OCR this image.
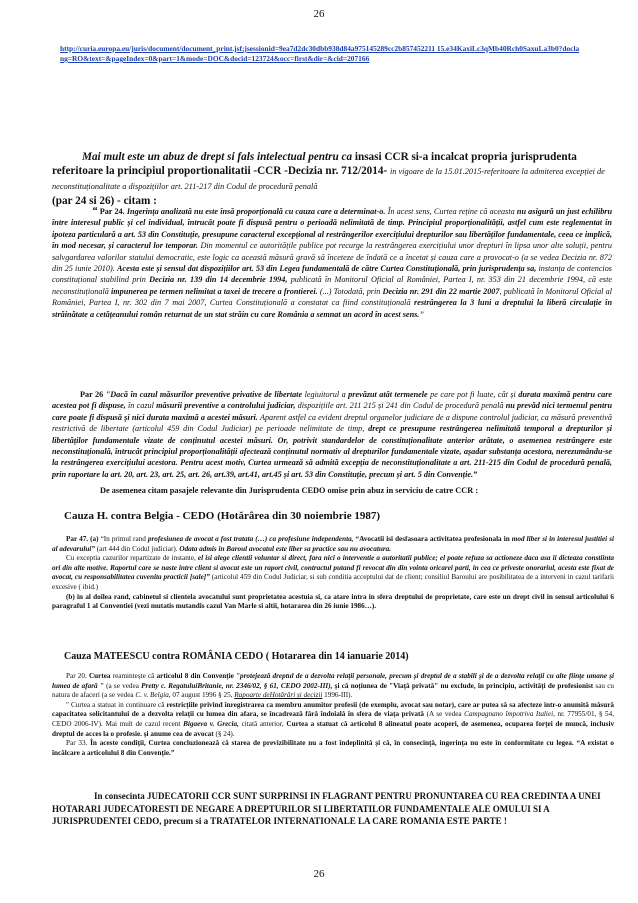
26
http://curia.europa.eu/juris/document/document_print.jsf;jsessionid=9ea7d2dc30dbb938d84a975145289cc2b857452211 15.e34KaxiLc3qMb40Rch0SaxuLa3b0?doclang=RO&text=&pageIndex=0&part=1&mode=DOC&docid=123724&occ=first&dir=&cid=207166

Mai mult este un abuz de drept si fals intelectual pentru ca insasi CCR si-a incalcat propria jurisprudenta referitoare la principiul proportionalitatii -CCR -Decizia nr. 712/2014- in vigoare de la 15.01.2015-referitoare la admiterea excepției de neconstituționalitate a dispozițiilor art. 211-217 din Codul de procedură penală
(par 24 si 26) - citam :

“ Par 24. Ingerința analizată nu este însă proporțională cu cauza care a determinat-o. În acest sens, Curtea reține că aceasta nu asigură un just echilibru între interesul public și cel individual, întrucât poate fi dispusă pentru o perioadă nelimitată de timp. Principiul proporționalității, astfel cum este reglementat în ipoteza particulară a art. 53 din Constituție, presupune caracterul excepțional al restrângerilor exercițiului drepturilor sau libertăților fundamentale, ceea ce implică, în mod necesar, și caracterul lor temporar. Din momentul ce autoritățile publice pot recurge la restrângerea exercițiului unor drepturi în lipsa unor alte soluții, pentru salvgardarea valorilor statului democratic, este logic ca această măsură gravă să înceteze de îndată ce a încetat și cauza care a provocat-o (a se vedea Decizia nr. 872 din 25 iunie 2010). Acesta este și sensul dat dispozițiilor art. 53 din Legea fundamentală de către Curtea Constituțională, prin jurisprudența sa, instanța de contencios constituțional stabilind prin Decizia nr. 139 din 14 decembrie 1994, publicată în Monitorul Oficial al României, Partea I, nr. 353 din 21 decembrie 1994, că este neconstituțională impunerea pe termen nelimitat a taxei de trecere a frontierei. (...) Totodată, prin Decizia nr. 291 din 22 martie 2007, publicată în Monitorul Oficial al României, Partea I, nr. 302 din 7 mai 2007, Curtea Constituțională a constatat ca fiind constituțională restrângerea la 3 luni a dreptului la liberă circulație în străinătate a cetățeanului român returnat de un stat străin cu care România a semnat un acord în acest sens.”

Par 26 "Dacă în cazul măsurilor preventive privative de libertate legiuitorul a prevăzut atât termenele pe care pot fi luate, cât și durata maximă pentru care acestea pot fi dispuse, în cazul măsurii preventive a controlului judiciar, dispozițiile art. 211 215 și 241 din Codul de procedură penală nu prevăd nici termenul pentru care poate fi dispusă și nici durata maximă a acestei măsuri. Aparent astfel ca evident dreptul organelor judiciare de a dispune controlul judiciar, ca măsură preventivă restrictivă de libertate (articolul 459 din Codul Judiciar) pe perioade nelimitate de timp, drept ce presupune restrângerea nelimitată temporal a drepturilor și libertăților fundamentale vizate de conținutul acestei măsuri. Or, potrivit standardelor de constituționalitate anterior arătate, o asemenea restrângere este neconstituțională, întrucât principiul proporționalității afectează conținutul normativ al drepturilor fundamentale vizate, așadar substanța acestora, nerezumându-se la restrângerea exercițiului acestora. Pentru acest motiv, Curtea urmează să admită excepția de neconstituționalitate a art. 211-215 din Codul de procedură penală, prin raportare la art. 20, art. 23, art. 25, art. 26, art.39, art.41, art.45 și art. 53 din Constituție, precum și art. 5 din Convenție.”

De asemenea citam pasajele relevante din Jurisprudenta CEDO omise prin abuz in serviciu de catre CCR :

Cauza H. contra Belgia - CEDO (Hotărârea din 30 noiembrie 1987)

Par 47. (a) “In primul rand profesiunea de avocat a fost tratata (…) ca profesiune independenta, “Avocatii isi desfasoara activitatea profesionala in mod liber si in interesul justitiei si al adevarului” (art 444 din Codul judiciar). Odata admis in Baroul avocatul este liber sa practice sau nu avocatura.

Cu exceptia cazurilor repartizate de instante, el isi alege clientii voluntar si direct, fara nici o interventie a autoritatii publice; el poate refuza sa actioneze daca asa ii dicteaza constiinta ori din alte motive. Raportul care se naste intre client si avocat este un raport civil, contractul putand fi revocat din din vointa oricarei parti, in cea ce priveste onorariul, acesta este fixat de avocat, cu responsabilitatea cuvenita practicii [sale]” (articolul 459 din Codul Judiciar, si sub conditia acceptului dat de client; consiliul Baroului are posibilitatea de a interveni in cazul tarifarii excesive ( ibid.)

(b) in al doilea rand, cabinetul si clientela avocatului sunt proprietatea acestuia si, ca atare intra in sfera dreptului de proprietate, care este un drept civil in sensul articolului 6 paragraful 1 al Conventiei (vezi mutatis mutandis cazul Van Marle si altii, hotararea din 26 iunie 1986…).

Cauza MATEESCU contra ROMÂNIA CEDO ( Hotararea din 14 ianuarie 2014)

Par 20. Curtea reamintește că articolul 8 din Convenție "protejează dreptul de a dezvolta relații personale, precum și dreptul de a stabili și de a dezvolta relații cu alte ființe umane și lumea de afară " (a se vedea Pretty c. RegatuluiBritanie, nr. 2346/02, § 61, CEDO 2002-III), și că noțiunea de "Viață privată" nu exclude, în principiu, activități de profesionist sau cu natura de afaceri (a se vedea C. v. Belgia, 07 august 1996 § 25, Rapoarte deHotărâri și decizii 1996-III).

" Curtea a statuat in continuare că restricțiile privind înregistrarea ca membru anumitor profesii (de exemplu, avocat sau notar), care ar putea să sa afecteze intr-o anumită măsură capacitatea solicitantului de a dezvolta relații cu lumea din afara, se încadrează fără îndoială în sfera de viața privată (A se vedea Campagnano împotriva Italiei, nr. 77955/01, § 54, CEDO 2006-IV). Mai mult de cazul recent Bigaeva v. Grecia, citată anterior, Curtea a statuat că articolul 8 alineatul poate acoperi, de asemenea, ocuparea forței de muncă, inclusiv dreptul de acces la o profesie. și anume cea de avocat (§ 24).

Par 33. În aceste condiții, Curtea concluzionează că starea de previzibilitate nu a fost îndeplinită și că, în consecință, ingerința nu este în conformitate cu legea. “A existat o încălcare a articolului 8 din Convenție.”

In consecinta JUDECATORII CCR SUNT SURPRINSI IN FLAGRANT PENTRU PRONUNTAREA CU REA CREDINTA A UNEI HOTARARI JUDECATORESTI DE NEGARE A DREPTURILOR SI LIBERTATILOR FUNDAMENTALE ALE OMULUI SI A JURISPRUDENTEI CEDO, precum si a TRATATELOR INTERNATIONALE LA CARE ROMANIA ESTE PARTE !

26
